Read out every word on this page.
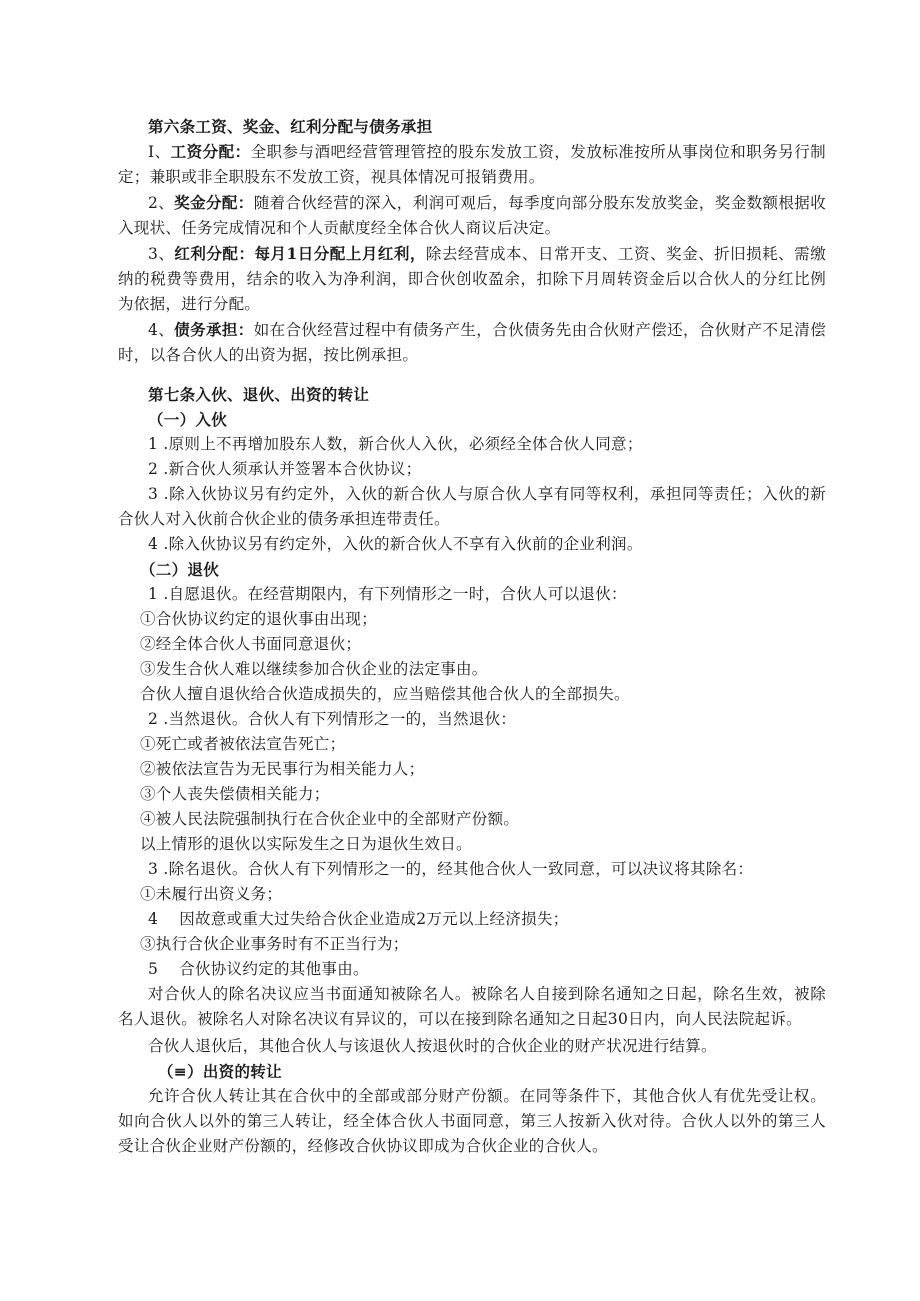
第六条工资、奖金、红利分配与债务承担

I、工资分配：全职参与酒吧经营管理管控的股东发放工资，发放标准按所从事岗位和职务另行制定；兼职或非全职股东不发放工资，视具体情况可报销费用。

2、奖金分配：随着合伙经营的深入，利润可观后，每季度向部分股东发放奖金，奖金数额根据收入现状、任务完成情况和个人贡献度经全体合伙人商议后决定。

3、红利分配：每月1日分配上月红利，除去经营成本、日常开支、工资、奖金、折旧损耗、需缴纳的税费等费用，结余的收入为净利润，即合伙创收盈余，扣除下月周转资金后以合伙人的分红比例为依据，进行分配。

4、债务承担：如在合伙经营过程中有债务产生，合伙债务先由合伙财产偿还，合伙财产不足清偿时，以各合伙人的出资为据，按比例承担。

第七条入伙、退伙、出资的转让

（一）入伙

1 .原则上不再增加股东人数，新合伙人入伙，必须经全体合伙人同意；

2 .新合伙人须承认并签署本合伙协议；

3 .除入伙协议另有约定外，入伙的新合伙人与原合伙人享有同等权利，承担同等责任；入伙的新合伙人对入伙前合伙企业的债务承担连带责任。

4 .除入伙协议另有约定外，入伙的新合伙人不享有入伙前的企业利润。

（二）退伙

1 .自愿退伙。在经营期限内，有下列情形之一时，合伙人可以退伙：

①合伙协议约定的退伙事由出现；

②经全体合伙人书面同意退伙；

③发生合伙人难以继续参加合伙企业的法定事由。

合伙人擅自退伙给合伙造成损失的，应当赔偿其他合伙人的全部损失。

2 .当然退伙。合伙人有下列情形之一的，当然退伙：

①死亡或者被依法宣告死亡；

②被依法宣告为无民事行为相关能力人；

③个人丧失偿债相关能力；

④被人民法院强制执行在合伙企业中的全部财产份额。

以上情形的退伙以实际发生之日为退伙生效日。

3 .除名退伙。合伙人有下列情形之一的，经其他合伙人一致同意，可以决议将其除名：

①未履行出资义务；

4　 因故意或重大过失给合伙企业造成2万元以上经济损失；

③执行合伙企业事务时有不正当行为；

5　 合伙协议约定的其他事由。

对合伙人的除名决议应当书面通知被除名人。被除名人自接到除名通知之日起，除名生效，被除名人退伙。被除名人对除名决议有异议的，可以在接到除名通知之日起30日内，向人民法院起诉。

合伙人退伙后，其他合伙人与该退伙人按退伙时的合伙企业的财产状况进行结算。

（≡）出资的转让

允许合伙人转让其在合伙中的全部或部分财产份额。在同等条件下，其他合伙人有优先受让权。如向合伙人以外的第三人转让，经全体合伙人书面同意，第三人按新入伙对待。合伙人以外的第三人受让合伙企业财产份额的，经修改合伙协议即成为合伙企业的合伙人。
